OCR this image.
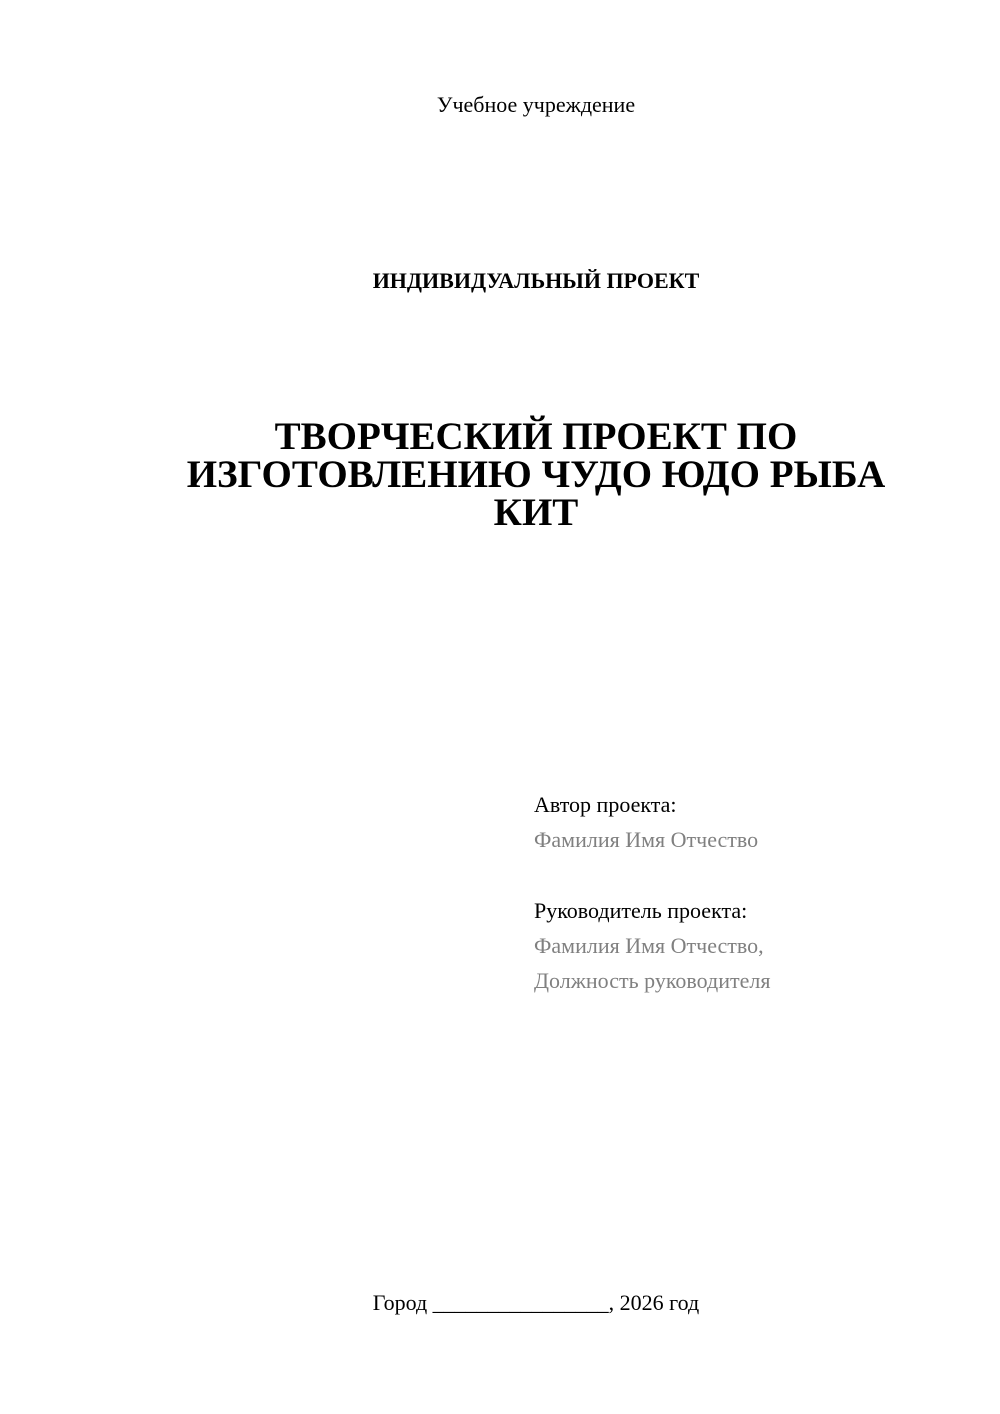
Учебное учреждение
ИНДИВИДУАЛЬНЫЙ ПРОЕКТ
ТВОРЧЕСКИЙ ПРОЕКТ ПО
ИЗГОТОВЛЕНИЮ ЧУДО ЮДО РЫБА
КИТ
Автор проекта:
Фамилия Имя Отчество
Руководитель проекта:
Фамилия Имя Отчество,
Должность руководителя
Город ________________, 2026 год
